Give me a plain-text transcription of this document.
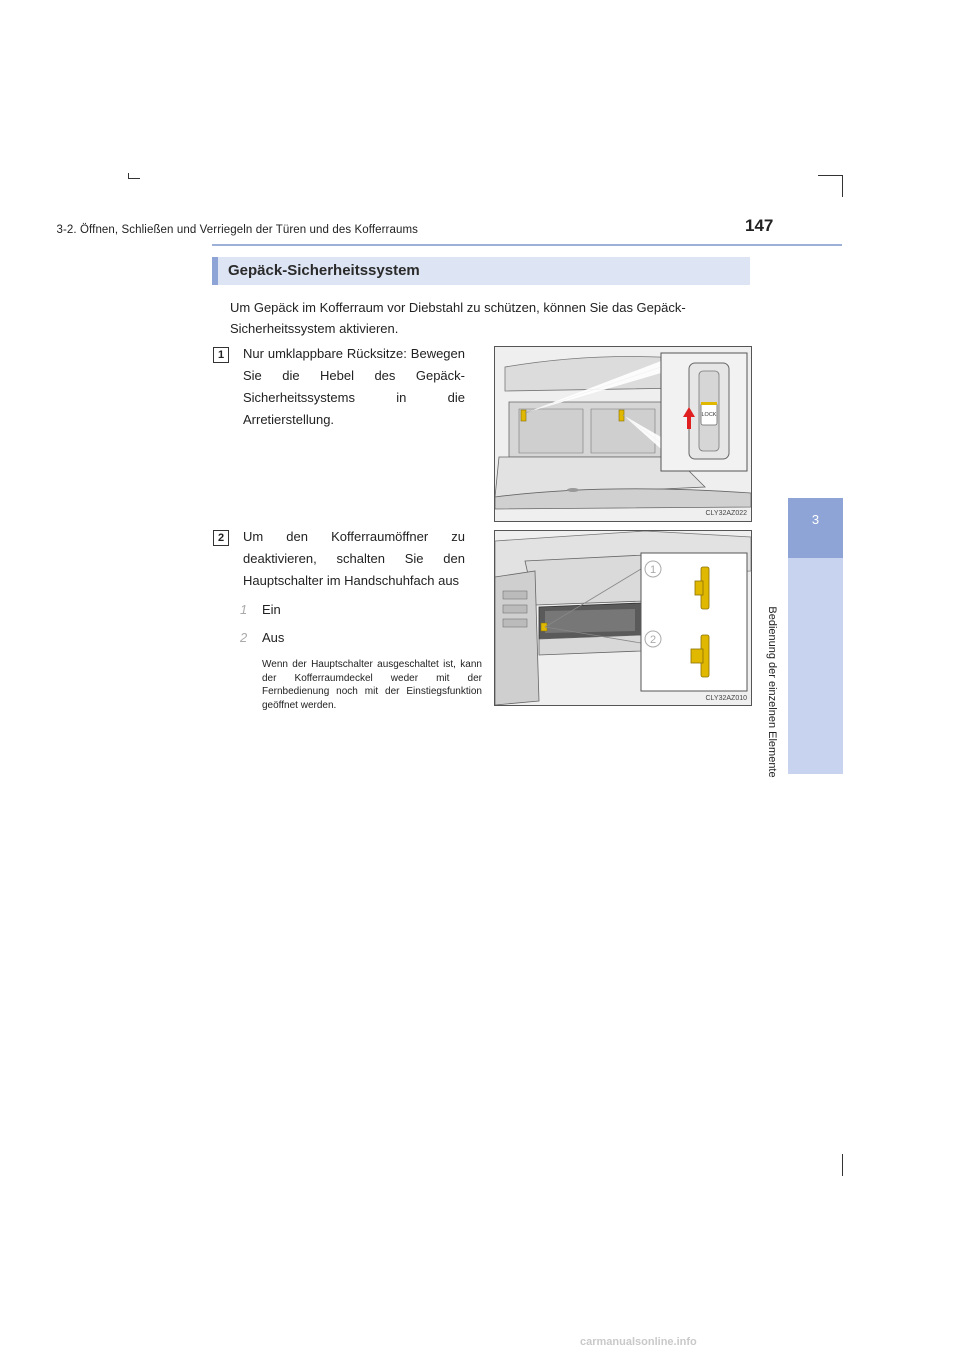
3-2. Öffnen, Schließen und Verriegeln der Türen und des Kofferraums	147
3
Bedienung der einzelnen Elemente
Gepäck-Sicherheitssystem
Um Gepäck im Kofferraum vor Diebstahl zu schützen, können Sie das Gepäck-Sicherheitssystem aktivieren.
1	Nur umklappbare Rücksitze: Bewegen Sie die Hebel des Gepäck-Sicherheitssystems in die Arretierstellung.	LOCK
CLY32AZ022
2	Um den Kofferraumöffner zu deaktivieren, schalten Sie den Hauptschalter im Handschuhfach aus
1	Ein
2	Aus
Wenn der Hauptschalter ausgeschaltet ist, kann der Kofferraumdeckel weder mit der Fernbedienung noch mit der Einstiegsfunktion geöffnet werden.
1
2
CLY32AZ010
carmanualsonline.info
